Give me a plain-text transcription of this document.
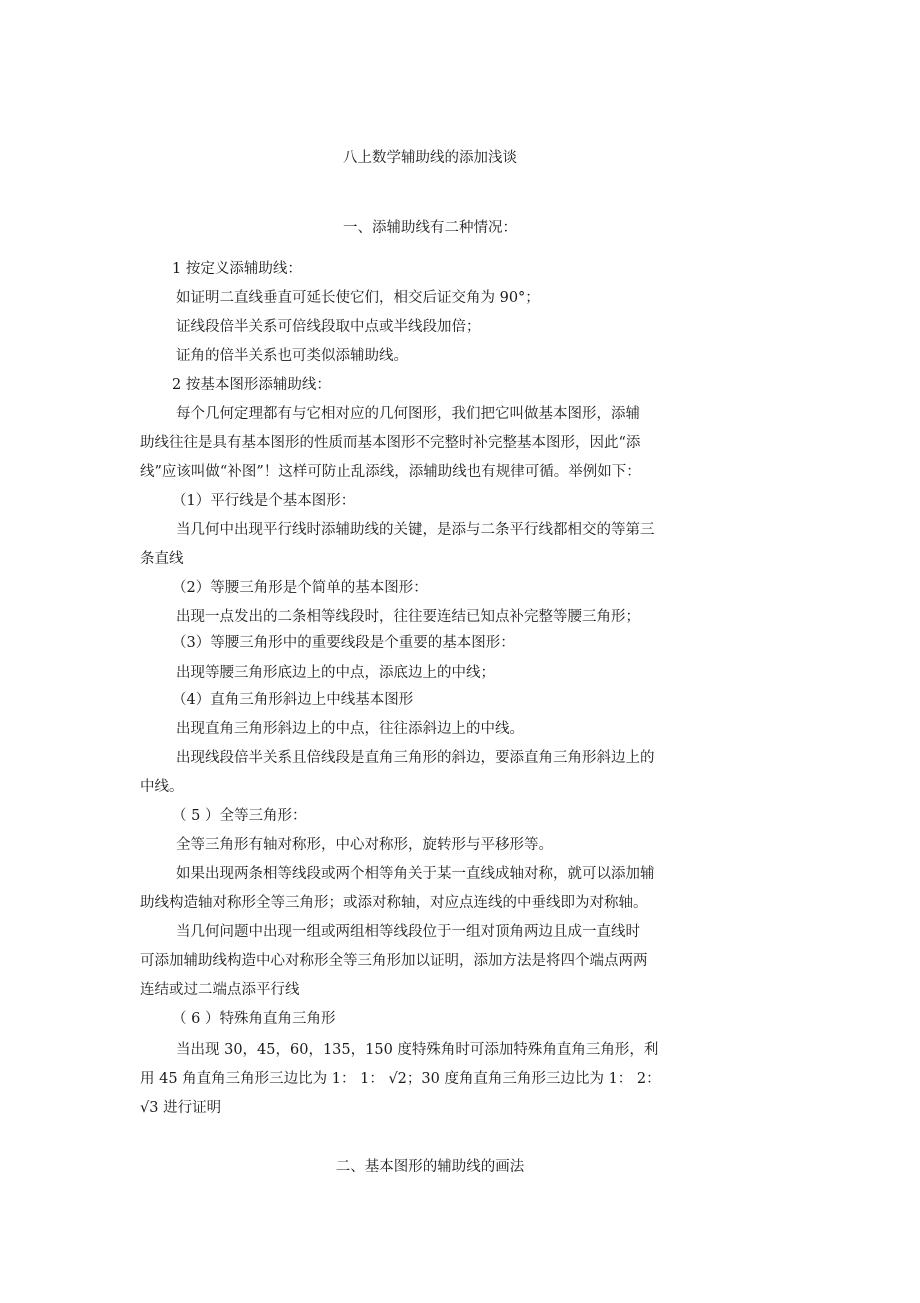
八上数学辅助线的添加浅谈

一、添辅助线有二种情况：

1 按定义添辅助线：

如证明二直线垂直可延长使它们，相交后证交角为 90°；

证线段倍半关系可倍线段取中点或半线段加倍；

证角的倍半关系也可类似添辅助线。

2 按基本图形添辅助线：

每个几何定理都有与它相对应的几何图形，我们把它叫做基本图形，添辅

助线往往是具有基本图形的性质而基本图形不完整时补完整基本图形，因此“添

线”应该叫做“补图”！这样可防止乱添线，添辅助线也有规律可循。举例如下：

（1）平行线是个基本图形：

当几何中出现平行线时添辅助线的关键，是添与二条平行线都相交的等第三

条直线

（2）等腰三角形是个简单的基本图形：

出现一点发出的二条相等线段时，往往要连结已知点补完整等腰三角形；

（3）等腰三角形中的重要线段是个重要的基本图形：

出现等腰三角形底边上的中点，添底边上的中线；

（4）直角三角形斜边上中线基本图形

出现直角三角形斜边上的中点，往往添斜边上的中线。

出现线段倍半关系且倍线段是直角三角形的斜边，要添直角三角形斜边上的

中线。

（ 5 ）全等三角形：

全等三角形有轴对称形，中心对称形，旋转形与平移形等。

如果出现两条相等线段或两个相等角关于某一直线成轴对称，就可以添加辅

助线构造轴对称形全等三角形；或添对称轴，对应点连线的中垂线即为对称轴。

当几何问题中出现一组或两组相等线段位于一组对顶角两边且成一直线时

可添加辅助线构造中心对称形全等三角形加以证明，添加方法是将四个端点两两

连结或过二端点添平行线

（ 6 ）特殊角直角三角形

当出现 30，45，60，135，150 度特殊角时可添加特殊角直角三角形，利

用 45 角直角三角形三边比为 1： 1： √2；30 度角直角三角形三边比为 1： 2：

√3 进行证明

二、基本图形的辅助线的画法
